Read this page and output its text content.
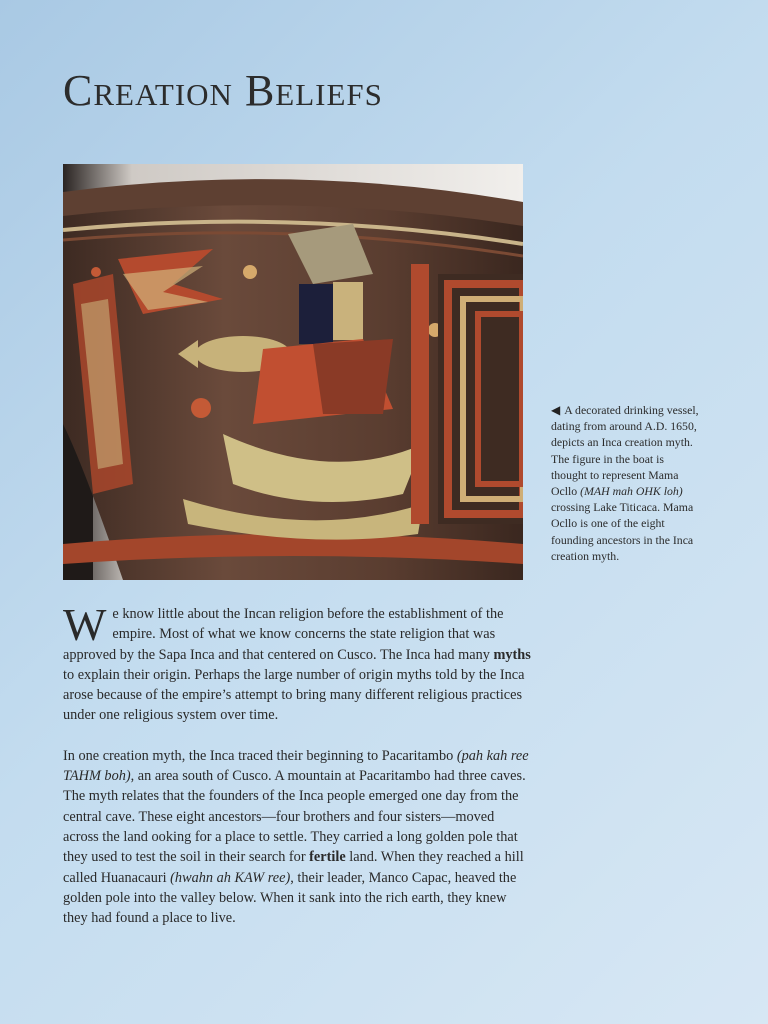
Creation Beliefs
◀ A decorated drinking vessel, dating from around A.D. 1650, depicts an Inca creation myth. The figure in the boat is thought to represent Mama Ocllo (MAH mah OHK loh) crossing Lake Titicaca. Mama Ocllo is one of the eight founding ancestors in the Inca creation myth.

We know little about the Incan religion before the establishment of the empire. Most of what we know concerns the state religion that was approved by the Sapa Inca and that centered on Cusco. The Inca had many myths to explain their origin. Perhaps the large number of origin myths told by the Inca arose because of the empire’s attempt to bring many different religious practices under one religious system over time.

In one creation myth, the Inca traced their beginning to Pacaritambo (pah kah ree TAHM boh), an area south of Cusco. A mountain at Pacaritambo had three caves. The myth relates that the founders of the Inca people emerged one day from the central cave. These eight ancestors—four brothers and four sisters—moved across the land ooking for a place to settle. They carried a long golden pole that they used to test the soil in their search for fertile land. When they reached a hill called Huanacauri (hwahn ah KAW ree), their leader, Manco Capac, heaved the golden pole into the valley below. When it sank into the rich earth, they knew they had found a place to live.
